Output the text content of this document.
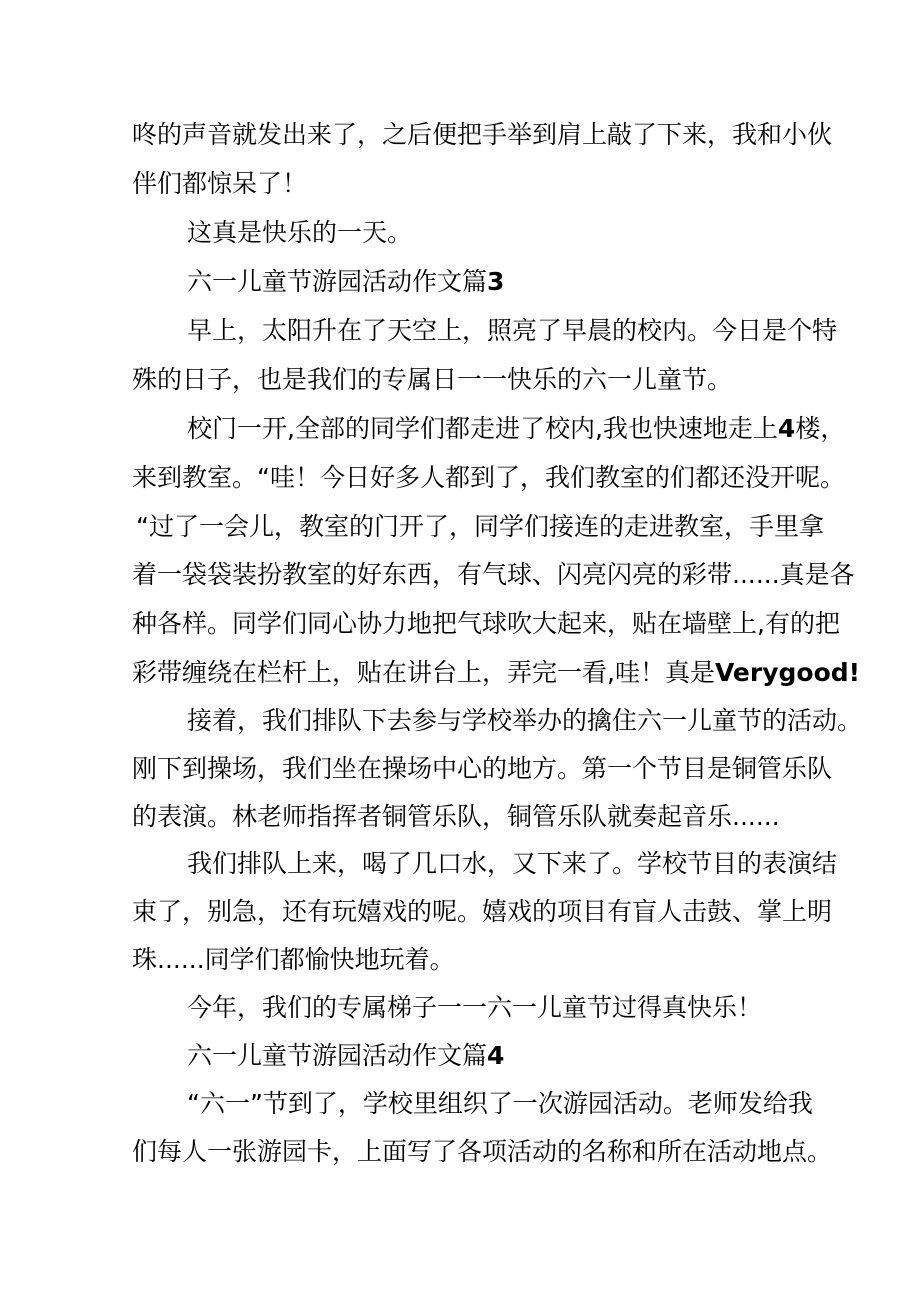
咚的声音就发出来了，之后便把手举到肩上敲了下来，我和小伙

伴们都惊呆了！

这真是快乐的一天。

六一儿童节游园活动作文篇3

早上，太阳升在了天空上，照亮了早晨的校内。今日是个特

殊的日子，也是我们的专属日一一快乐的六一儿童节。

校门一开,全部的同学们都走进了校内,我也快速地走上4楼，

来到教室。“哇！今日好多人都到了，我们教室的们都还没开呢。

“过了一会儿，教室的门开了，同学们接连的走进教室，手里拿

着一袋袋装扮教室的好东西，有气球、闪亮闪亮的彩带......真是各

种各样。同学们同心协力地把气球吹大起来，贴在墙壁上,有的把

彩带缠绕在栏杆上，贴在讲台上，弄完一看,哇！真是Verygood!

接着，我们排队下去参与学校举办的擒住六一儿童节的活动。

刚下到操场，我们坐在操场中心的地方。第一个节目是铜管乐队

的表演。林老师指挥者铜管乐队，铜管乐队就奏起音乐......

我们排队上来，喝了几口水，又下来了。学校节目的表演结

束了，别急，还有玩嬉戏的呢。嬉戏的项目有盲人击鼓、掌上明

珠......同学们都愉快地玩着。

今年，我们的专属梯子一一六一儿童节过得真快乐！

六一儿童节游园活动作文篇4

“六一”节到了，学校里组织了一次游园活动。老师发给我

们每人一张游园卡，上面写了各项活动的名称和所在活动地点。
